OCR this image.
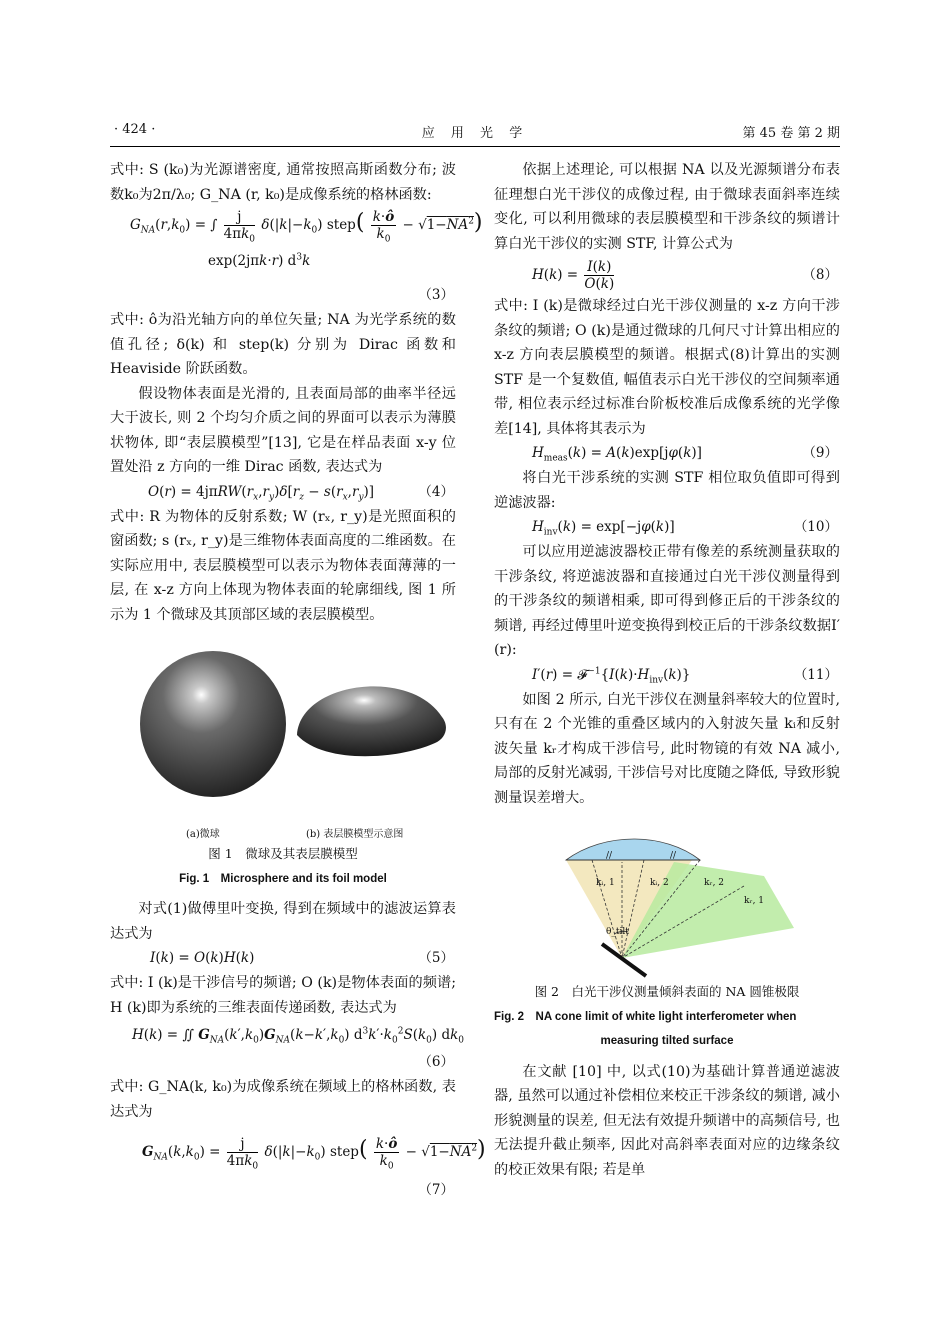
· 424 ·	应 用 光 学	第 45 卷 第 2 期

式中: S (k₀)为光源谱密度, 通常按照高斯函数分布; 波数k₀为2π/λ₀; G_NA (r, k₀)是成像系统的格林函数:

$G_{NA}(r,k_0)$ = ∫ $\frac{j}{4\pi k_0} \delta(|k|-k_0)$ step( $\frac{k\cdot ô}{k_0} - √1-NA^2$)
exp(2jπk·r) $d^3k$
（3）

式中: ô为沿光轴方向的单位矢量; NA 为光学系统的数值孔径; δ(k) 和 step(k) 分别为 Dirac 函数和 Heaviside 阶跃函数。

假设物体表面是光滑的, 且表面局部的曲率半径远大于波长, 则 2 个均匀介质之间的界面可以表示为薄膜状物体, 即“表层膜模型”[13], 它是在样品表面 x-y 位置处沿 z 方向的一维 Dirac 函数, 表达式为

$O(r) = 4j\pi RW(r_x,r_y)\delta[r_z - s(r_x,r_y)]$	（4）

式中: R 为物体的反射系数; W (rₓ, r_y)是光照面积的窗函数; s (rₓ, r_y)是三维物体表面高度的二维函数。在实际应用中, 表层膜模型可以表示为物体表面薄薄的一层, 在 x-z 方向上体现为物体表面的轮廓细线, 图 1 所示为 1 个微球及其顶部区域的表层膜模型。

(a)微球	(b) 表层膜模型示意图
图 1　微球及其表层膜模型
Fig. 1　Microsphere and its foil model

对式(1)做傅里叶变换, 得到在频域中的滤波运算表达式为

I(k) = O(k)H(k)	（5）

式中: I (k)是干涉信号的频谱; O (k)是物体表面的频谱; H (k)即为系统的三维表面传递函数, 表达式为

H(k) = ∬ $G_{NA}(k',k_0)G_{NA}(k-k',k_0)$ $d^3k'\cdot k_0^2S(k_0)$ $dk_0$
（6）

式中: G_NA(k, k₀)为成像系统在频域上的格林函数, 表达式为

$G_{NA}(k,k_0) = \frac{j}{4\pi k_0} \delta(|k|-k_0)$ step( $\frac{k\cdot ô}{k_0} - √1-NA^2$)
（7）

依据上述理论, 可以根据 NA 以及光源频谱分布表征理想白光干涉仪的成像过程, 由于微球表面斜率连续变化, 可以利用微球的表层膜模型和干涉条纹的频谱计算白光干涉仪的实测 STF, 计算公式为

$H(k) = \frac{I(k)}{O(k)}$	（8）

式中: I (k)是微球经过白光干涉仪测量的 x-z 方向干涉条纹的频谱; O (k)是通过微球的几何尺寸计算出相应的 x-z 方向表层膜模型的频谱。根据式(8)计算出的实测 STF 是一个复数值, 幅值表示白光干涉仪的空间频率通带, 相位表示经过标准台阶板校准后成像系统的光学像差[14], 具体将其表示为

$H_{meas}(k) = A(k)\exp[j\varphi(k)]$	（9）

将白光干涉系统的实测 STF 相位取负值即可得到逆滤波器:

$H_{inv}(k) = \exp[-j\varphi(k)]$	（10）

可以应用逆滤波器校正带有像差的系统测量获取的干涉条纹, 将逆滤波器和直接通过白光干涉仪测量得到的干涉条纹的频谱相乘, 即可得到修正后的干涉条纹的频谱, 再经过傅里叶逆变换得到校正后的干涉条纹数据I′ (r):

$I'(r) = 𝓕^{-1}\{I(k)\cdot H_{inv}(k)\}$	（11）

如图 2 所示, 白光干涉仪在测量斜率较大的位置时, 只有在 2 个光锥的重叠区域内的入射波矢量 kᵢ和反射波矢量 kᵣ才构成干涉信号, 此时物镜的有效 NA 减小, 局部的反射光减弱, 干涉信号对比度随之降低, 导致形貌测量误差增大。

kᵢ, 1	kᵢ, 2	kᵣ, 2
kᵣ, 1
θ_tilt
//	//
图 2　白光干涉仪测量倾斜表面的 NA 圆锥极限
Fig. 2　NA cone limit of white light interferometer when
measuring tilted surface

在文献 [10] 中, 以式(10)为基础计算普通逆滤波器, 虽然可以通过补偿相位来校正干涉条纹的频谱, 减小形貌测量的误差, 但无法有效提升频谱中的高频信号, 也无法提升截止频率, 因此对高斜率表面对应的边缘条纹的校正效果有限; 若是单
